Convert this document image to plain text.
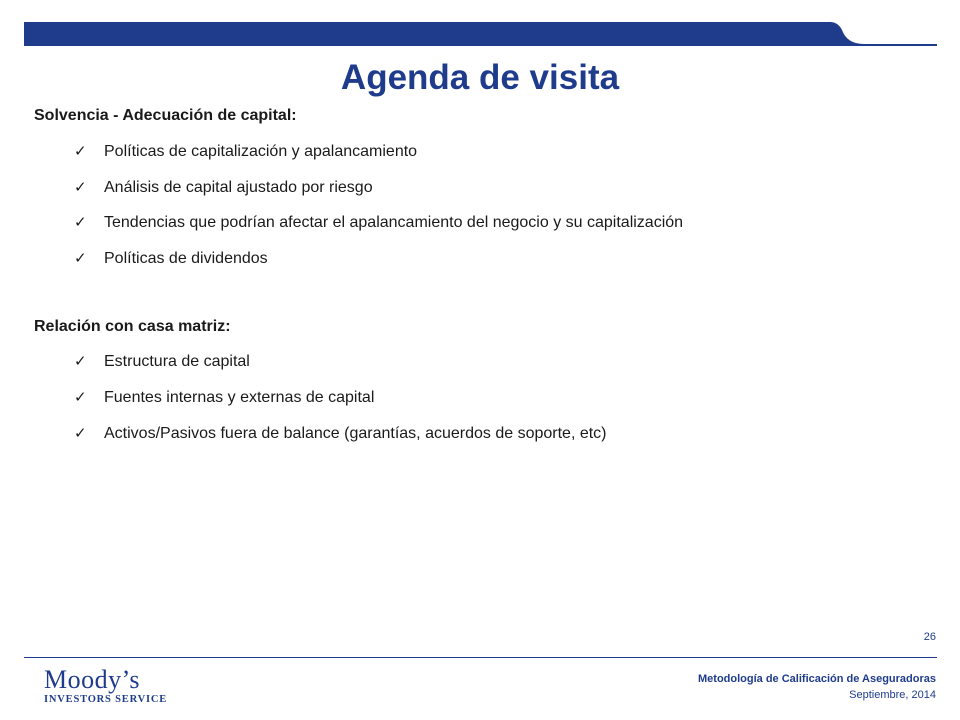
Agenda de visita
Solvencia - Adecuación de capital:
✓ Políticas de capitalización y apalancamiento
✓ Análisis de capital ajustado por riesgo
✓ Tendencias que podrían afectar el apalancamiento del negocio y su capitalización
✓ Políticas de dividendos
Relación con casa matriz:
✓ Estructura de capital
✓ Fuentes internas y externas de capital
✓ Activos/Pasivos fuera de balance (garantías, acuerdos de soporte, etc)
26
Moody’s
INVESTORS SERVICE
Metodología de Calificación de Aseguradoras
Septiembre, 2014
